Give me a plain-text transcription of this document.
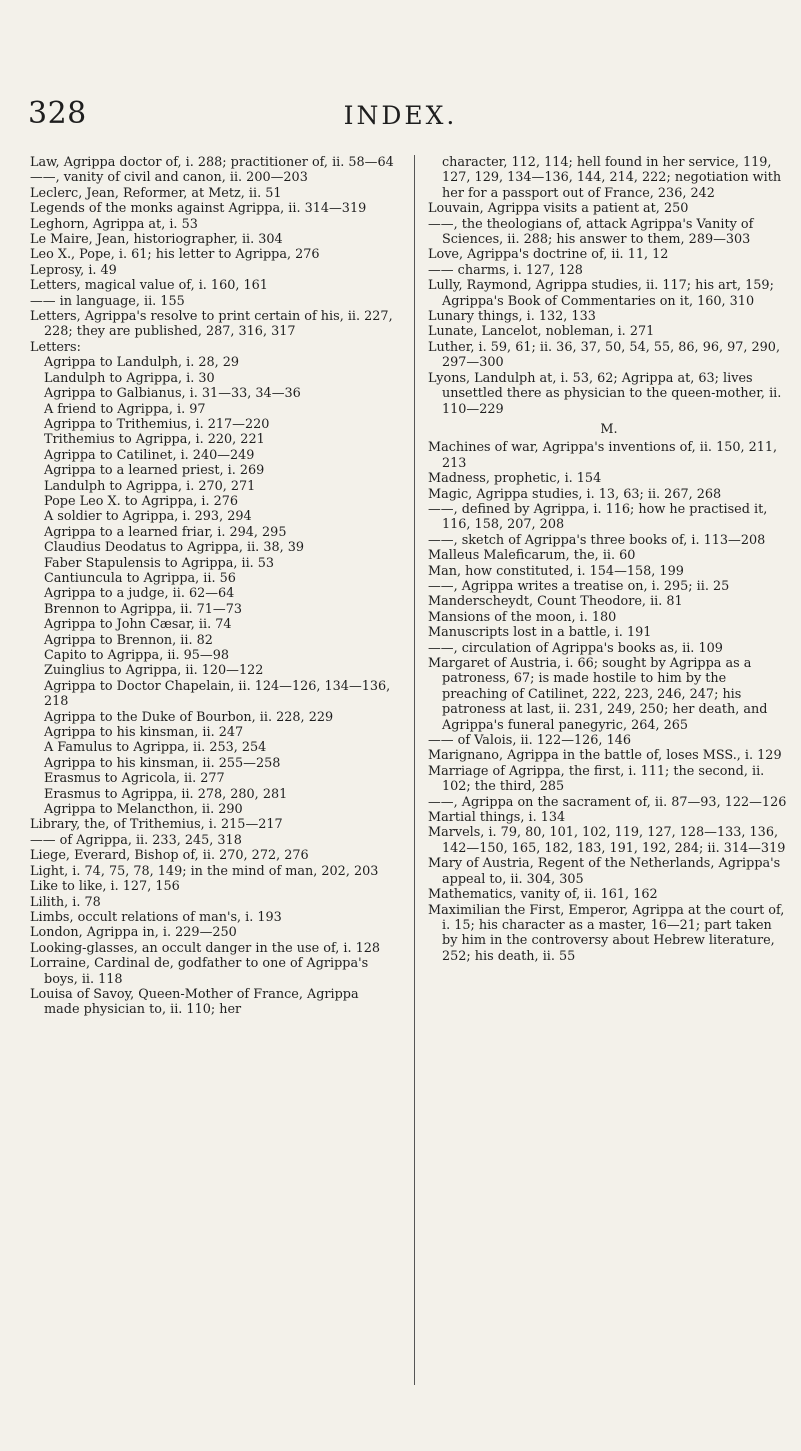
328	INDEX.

Law, Agrippa doctor of, i. 288; practitioner of, ii. 58—64

——, vanity of civil and canon, ii. 200—203

Leclerc, Jean, Reformer, at Metz, ii. 51

Legends of the monks against Agrippa, ii. 314—319

Leghorn, Agrippa at, i. 53

Le Maire, Jean, historiographer, ii. 304

Leo X., Pope, i. 61; his letter to Agrippa, 276

Leprosy, i. 49

Letters, magical value of, i. 160, 161

—— in language, ii. 155

Letters, Agrippa's resolve to print certain of his, ii. 227, 228; they are published, 287, 316, 317

Letters:

Agrippa to Landulph, i. 28, 29

Landulph to Agrippa, i. 30

Agrippa to Galbianus, i. 31—33, 34—36

A friend to Agrippa, i. 97

Agrippa to Trithemius, i. 217—220

Trithemius to Agrippa, i. 220, 221

Agrippa to Catilinet, i. 240—249

Agrippa to a learned priest, i. 269

Landulph to Agrippa, i. 270, 271

Pope Leo X. to Agrippa, i. 276

A soldier to Agrippa, i. 293, 294

Agrippa to a learned friar, i. 294, 295

Claudius Deodatus to Agrippa, ii. 38, 39

Faber Stapulensis to Agrippa, ii. 53

Cantiuncula to Agrippa, ii. 56

Agrippa to a judge, ii. 62—64

Brennon to Agrippa, ii. 71—73

Agrippa to John Cæsar, ii. 74

Agrippa to Brennon, ii. 82

Capito to Agrippa, ii. 95—98

Zuinglius to Agrippa, ii. 120—122

Agrippa to Doctor Chapelain, ii. 124—126, 134—136, 218

Agrippa to the Duke of Bourbon, ii. 228, 229

Agrippa to his kinsman, ii. 247

A Famulus to Agrippa, ii. 253, 254

Agrippa to his kinsman, ii. 255—258

Erasmus to Agricola, ii. 277

Erasmus to Agrippa, ii. 278, 280, 281

Agrippa to Melancthon, ii. 290

Library, the, of Trithemius, i. 215—217

—— of Agrippa, ii. 233, 245, 318

Liege, Everard, Bishop of, ii. 270, 272, 276

Light, i. 74, 75, 78, 149; in the mind of man, 202, 203

Like to like, i. 127, 156

Lilith, i. 78

Limbs, occult relations of man's, i. 193

London, Agrippa in, i. 229—250

Looking-glasses, an occult danger in the use of, i. 128

Lorraine, Cardinal de, godfather to one of Agrippa's boys, ii. 118

Louisa of Savoy, Queen-Mother of France, Agrippa made physician to, ii. 110; her

character, 112, 114; hell found in her service, 119, 127, 129, 134—136, 144, 214, 222; negotiation with her for a passport out of France, 236, 242

Louvain, Agrippa visits a patient at, 250

——, the theologians of, attack Agrippa's Vanity of Sciences, ii. 288; his answer to them, 289—303

Love, Agrippa's doctrine of, ii. 11, 12

—— charms, i. 127, 128

Lully, Raymond, Agrippa studies, ii. 117; his art, 159; Agrippa's Book of Commentaries on it, 160, 310

Lunary things, i. 132, 133

Lunate, Lancelot, nobleman, i. 271

Luther, i. 59, 61; ii. 36, 37, 50, 54, 55, 86, 96, 97, 290, 297—300

Lyons, Landulph at, i. 53, 62; Agrippa at, 63; lives unsettled there as physician to the queen-mother, ii. 110—229

M.

Machines of war, Agrippa's inventions of, ii. 150, 211, 213

Madness, prophetic, i. 154

Magic, Agrippa studies, i. 13, 63; ii. 267, 268

——, defined by Agrippa, i. 116; how he practised it, 116, 158, 207, 208

——, sketch of Agrippa's three books of, i. 113—208

Malleus Maleficarum, the, ii. 60

Man, how constituted, i. 154—158, 199

——, Agrippa writes a treatise on, i. 295; ii. 25

Manderscheydt, Count Theodore, ii. 81

Mansions of the moon, i. 180

Manuscripts lost in a battle, i. 191

——, circulation of Agrippa's books as, ii. 109

Margaret of Austria, i. 66; sought by Agrippa as a patroness, 67; is made hostile to him by the preaching of Catilinet, 222, 223, 246, 247; his patroness at last, ii. 231, 249, 250; her death, and Agrippa's funeral panegyric, 264, 265

—— of Valois, ii. 122—126, 146

Marignano, Agrippa in the battle of, loses MSS., i. 129

Marriage of Agrippa, the first, i. 111; the second, ii. 102; the third, 285

——, Agrippa on the sacrament of, ii. 87—93, 122—126

Martial things, i. 134

Marvels, i. 79, 80, 101, 102, 119, 127, 128—133, 136, 142—150, 165, 182, 183, 191, 192, 284; ii. 314—319

Mary of Austria, Regent of the Netherlands, Agrippa's appeal to, ii. 304, 305

Mathematics, vanity of, ii. 161, 162

Maximilian the First, Emperor, Agrippa at the court of, i. 15; his character as a master, 16—21; part taken by him in the controversy about Hebrew literature, 252; his death, ii. 55
